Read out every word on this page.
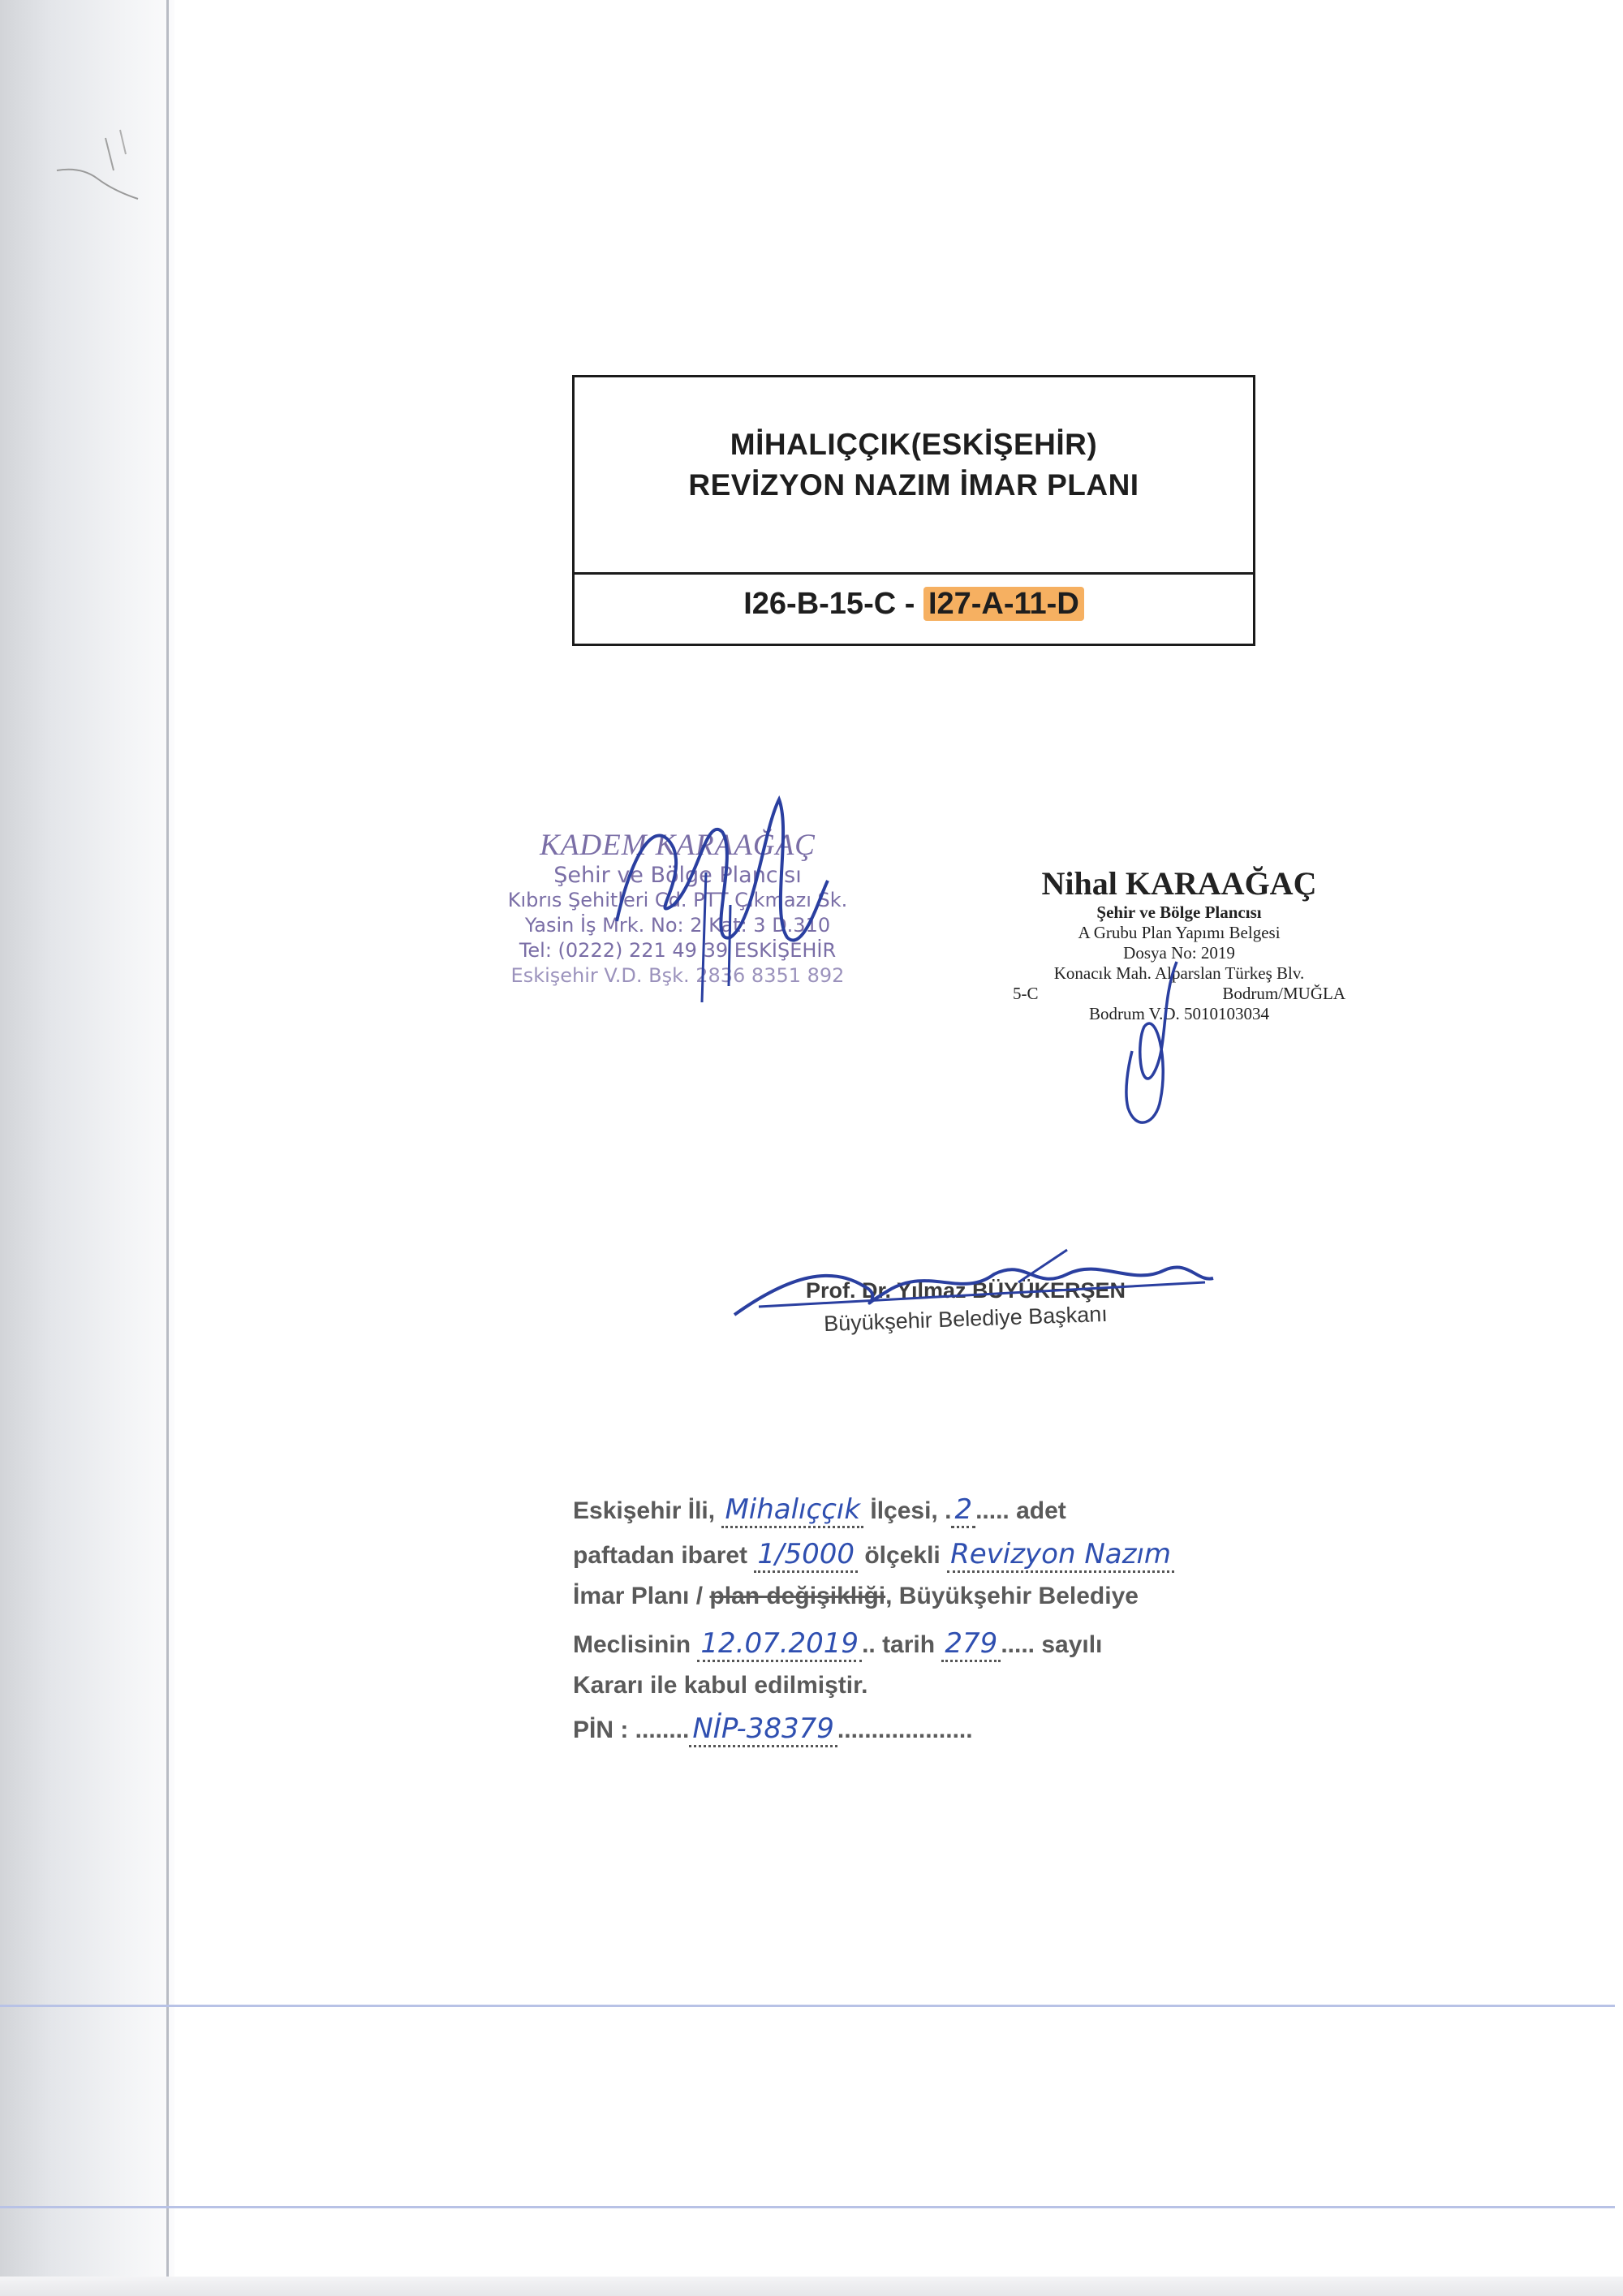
MİHALIÇÇIK(ESKİŞEHİR)
REVİZYON NAZIM İMAR PLANI
I26-B-15-C - I27-A-11-D
KADEM KARAAĞAÇ
Şehir ve Bölge Plancısı
Kıbrıs Şehitleri Cd. PTT Çıkmazı Sk.
Yasin İş Mrk. No: 2 Kat: 3 D.310
Tel: (0222) 221 49 39 ESKİŞEHİR
Eskişehir V.D. Bşk. 2836 8351 892
Nihal KARAAĞAÇ
Şehir ve Bölge Plancısı
A Grubu Plan Yapımı Belgesi
Dosya No: 2019
Konacık Mah. Alparslan Türkeş Blv.
5-C	Bodrum/MUĞLA
Bodrum V.D. 5010103034
Prof. Dr. Yılmaz BÜYÜKERŞEN
Büyükşehir Belediye Başkanı
Eskişehir İli, Mihalıççık İlçesi, . 2 ..... adet
paftadan ibaret 1/5000 ölçekli Revizyon Nazım
İmar Planı / plan değişikliği, Büyükşehir Belediye
Meclisinin 12.07.2019 .. tarih 279 ..... sayılı
Kararı ile kabul edilmiştir.
PİN : ........ NİP-38379 ....................
